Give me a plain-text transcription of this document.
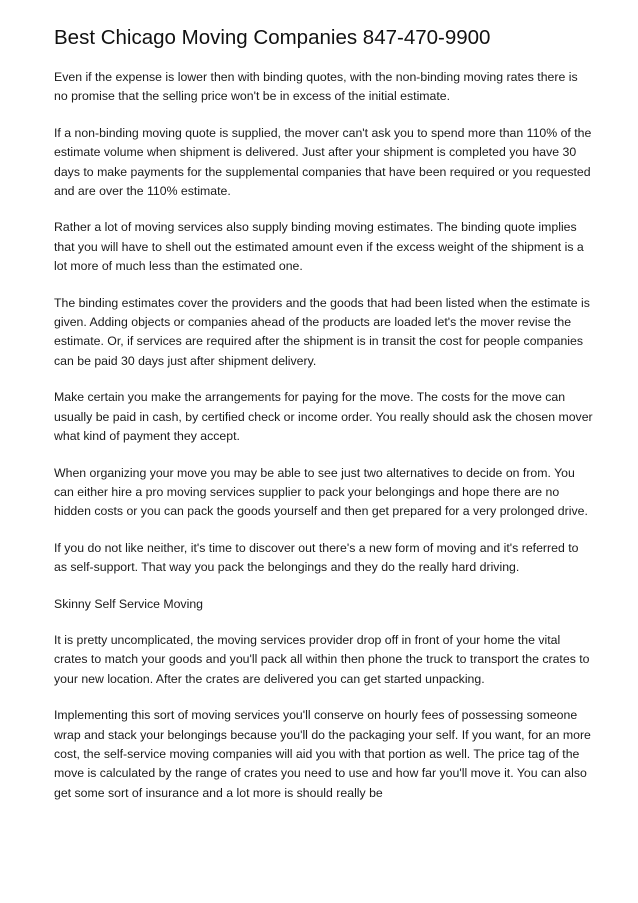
Best Chicago Moving Companies 847-470-9900

Even if the expense is lower then with binding quotes, with the non-binding moving rates there is no promise that the selling price won't be in excess of the initial estimate.

If a non-binding moving quote is supplied, the mover can't ask you to spend more than 110% of the estimate volume when shipment is delivered. Just after your shipment is completed you have 30 days to make payments for the supplemental companies that have been required or you requested and are over the 110% estimate.

Rather a lot of moving services also supply binding moving estimates. The binding quote implies that you will have to shell out the estimated amount even if the excess weight of the shipment is a lot more of much less than the estimated one.

The binding estimates cover the providers and the goods that had been listed when the estimate is given. Adding objects or companies ahead of the products are loaded let's the mover revise the estimate. Or, if services are required after the shipment is in transit the cost for people companies can be paid 30 days just after shipment delivery.

Make certain you make the arrangements for paying for the move. The costs for the move can usually be paid in cash, by certified check or income order. You really should ask the chosen mover what kind of payment they accept.

When organizing your move you may be able to see just two alternatives to decide on from. You can either hire a pro moving services supplier to pack your belongings and hope there are no hidden costs or you can pack the goods yourself and then get prepared for a very prolonged drive.

If you do not like neither, it's time to discover out there's a new form of moving and it's referred to as self-support. That way you pack the belongings and they do the really hard driving.

Skinny Self Service Moving

It is pretty uncomplicated, the moving services provider drop off in front of your home the vital crates to match your goods and you'll pack all within then phone the truck to transport the crates to your new location. After the crates are delivered you can get started unpacking.

Implementing this sort of moving services you'll conserve on hourly fees of possessing someone wrap and stack your belongings because you'll do the packaging your self. If you want, for an more cost, the self-service moving companies will aid you with that portion as well. The price tag of the move is calculated by the range of crates you need to use and how far you'll move it. You can also get some sort of insurance and a lot more is should really be
